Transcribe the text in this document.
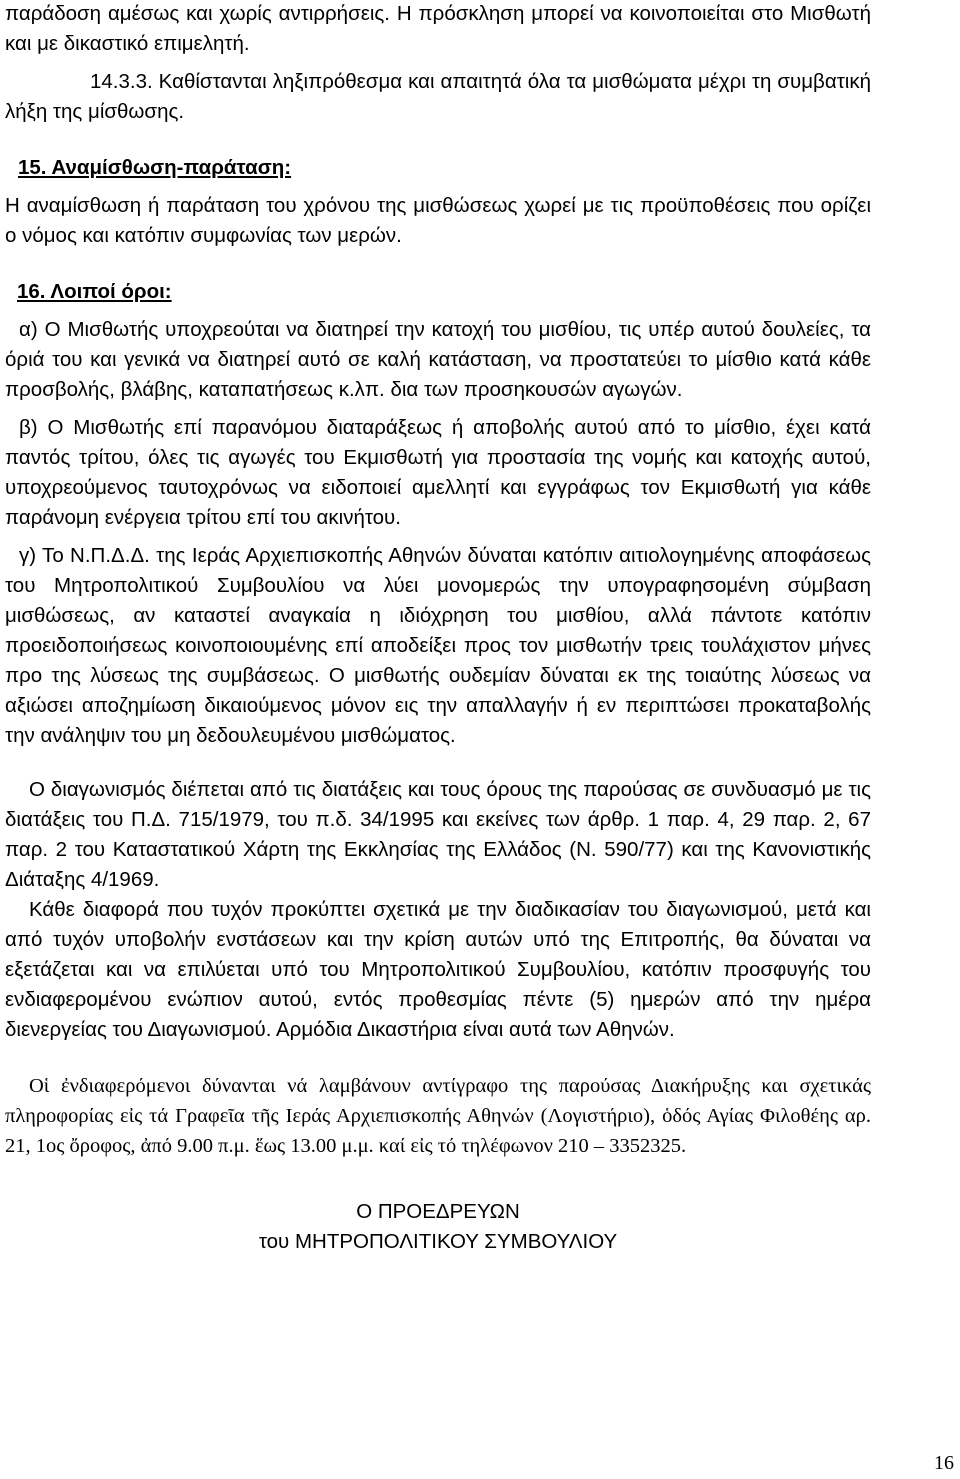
παράδοση αμέσως και χωρίς αντιρρήσεις. Η πρόσκληση μπορεί να κοινοποιείται στο Μισθωτή και με δικαστικό επιμελητή.

14.3.3. Καθίστανται ληξιπρόθεσμα και απαιτητά όλα τα μισθώματα μέχρι τη συμβατική λήξη της μίσθωσης.

15. Αναμίσθωση-παράταση:

Η αναμίσθωση ή παράταση του χρόνου της μισθώσεως χωρεί με τις προϋποθέσεις που ορίζει ο νόμος και κατόπιν συμφωνίας των μερών.

16. Λοιποί όροι:

α) Ο Μισθωτής υποχρεούται να διατηρεί την κατοχή του μισθίου, τις υπέρ αυτού δουλείες, τα όριά του και γενικά να διατηρεί αυτό σε καλή κατάσταση, να προστατεύει το μίσθιο κατά κάθε προσβολής, βλάβης, καταπατήσεως κ.λπ. δια των προσηκουσών αγωγών.

β) Ο Μισθωτής επί παρανόμου διαταράξεως ή αποβολής αυτού από το μίσθιο, έχει κατά παντός τρίτου, όλες τις αγωγές του Εκμισθωτή για προστασία της νομής και κατοχής αυτού, υποχρεούμενος ταυτοχρόνως να ειδοποιεί αμελλητί και εγγράφως τον Εκμισθωτή για κάθε παράνομη ενέργεια τρίτου επί του ακινήτου.

γ) Το Ν.Π.Δ.Δ. της Ιεράς Αρχιεπισκοπής Αθηνών δύναται κατόπιν αιτιολογημένης αποφάσεως του Μητροπολιτικού Συμβουλίου να λύει μονομερώς την υπογραφησομένη σύμβαση μισθώσεως, αν καταστεί αναγκαία η ιδιόχρηση του μισθίου, αλλά πάντοτε κατόπιν προειδοποιήσεως κοινοποιουμένης επί αποδείξει προς τον μισθωτήν τρεις τουλάχιστον μήνες προ της λύσεως της συμβάσεως. Ο μισθωτής ουδεμίαν δύναται εκ της τοιαύτης λύσεως να αξιώσει αποζημίωση δικαιούμενος μόνον εις την απαλλαγήν ή εν περιπτώσει προκαταβολής την ανάληψιν του μη δεδουλευμένου μισθώματος.

Ο διαγωνισμός διέπεται από τις διατάξεις και τους όρους της παρούσας σε συνδυασμό με τις διατάξεις του Π.Δ. 715/1979, του π.δ. 34/1995 και εκείνες των άρθρ. 1 παρ. 4, 29 παρ. 2, 67 παρ. 2 του Καταστατικού Χάρτη της Εκκλησίας της Ελλάδος (Ν. 590/77) και της Κανονιστικής Διάταξης 4/1969.

Κάθε διαφορά που τυχόν προκύπτει σχετικά με την διαδικασίαν του διαγωνισμού, μετά και από τυχόν υποβολήν ενστάσεων και την κρίση αυτών υπό της Επιτροπής, θα δύναται να εξετάζεται και να επιλύεται υπό του Μητροπολιτικού Συμβουλίου, κατόπιν προσφυγής του ενδιαφερομένου ενώπιον αυτού, εντός προθεσμίας πέντε (5) ημερών από την ημέρα διενεργείας του Διαγωνισμού. Αρμόδια Δικαστήρια είναι αυτά των Αθηνών.

Οἱ ἐνδιαφερόμενοι δύνανται νά λαμβάνουν αντίγραφο της παρούσας Διακήρυξης και σχετικάς πληροφορίας εἰς τά Γραφεῖα τῆς Ιεράς Αρχιεπισκοπής Αθηνών (Λογιστήριο), ὁδός Αγίας Φιλοθέης αρ. 21, 1ος ὄροφος, ἀπό 9.00 π.μ. ἕως 13.00 μ.μ. καί εἰς τό τηλέφωνον 210 – 3352325.

Ο ΠΡΟΕΔΡΕΥΩΝ
του ΜΗΤΡΟΠΟΛΙΤΙΚΟΥ ΣΥΜΒΟΥΛΙΟΥ
16
